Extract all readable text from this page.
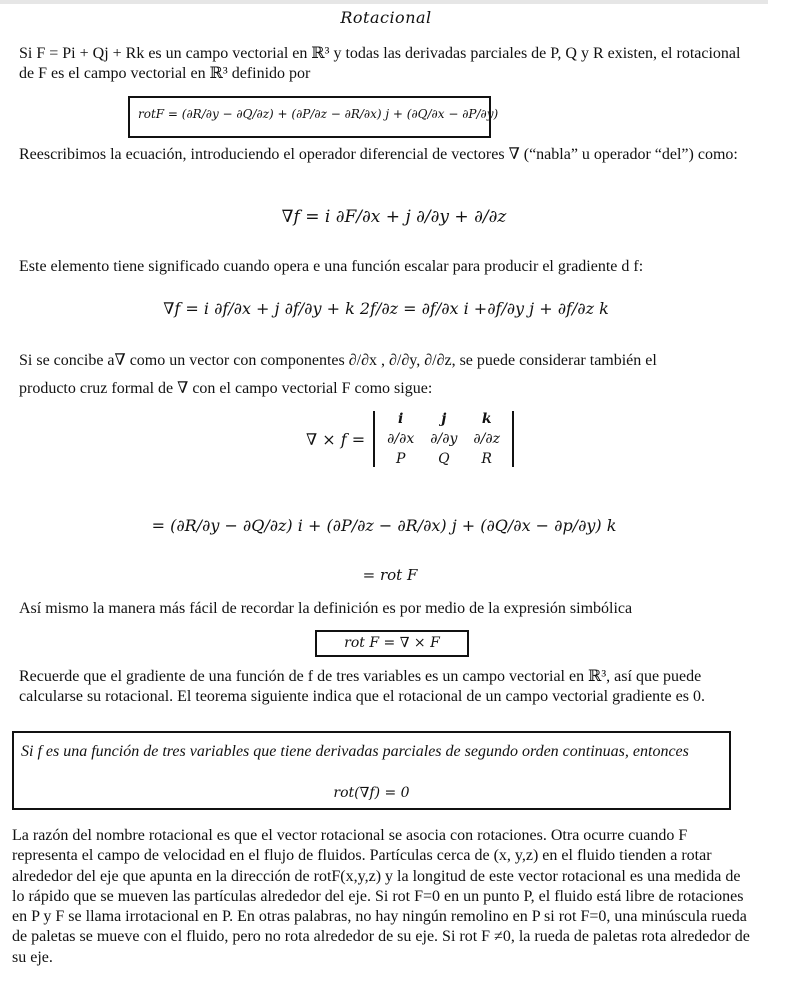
Rotacional

Si F = Pi + Qj + Rk es un campo vectorial en ℝ³ y todas las derivadas parciales de P, Q y R existen, el rotacional de F es el campo vectorial en ℝ³ definido por

rotF = (∂R/∂y − ∂Q/∂z) + (∂P/∂z − ∂R/∂x) j + (∂Q/∂x − ∂P/∂y)

Reescribimos la ecuación, introduciendo el operador diferencial de vectores ∇ (“nabla” u operador “del”) como:

∇f = i ∂F/∂x + j ∂/∂y + ∂/∂z

Este elemento tiene significado cuando opera e una función escalar para producir el gradiente d f:

∇f = i ∂f/∂x + j ∂f/∂y + k 2f/∂z = ∂f/∂x i +∂f/∂y j + ∂f/∂z k

Si se concibe a∇ como un vector con componentes ∂/∂x , ∂/∂y, ∂/∂z, se puede considerar también el

producto cruz formal de ∇ con el campo vectorial F como sigue:

∇ × f = i	j	k
∂/∂x	∂/∂y	∂/∂z
P	Q	R
= (∂R/∂y − ∂Q/∂z) i + (∂P/∂z − ∂R/∂x) j + (∂Q/∂x − ∂p/∂y) k
= rot F

Así mismo la manera más fácil de recordar la definición es por medio de la expresión simbólica

rot F = ∇ × F

Recuerde que el gradiente de una función de f de tres variables es un campo vectorial en ℝ³, así que puede calcularse su rotacional. El teorema siguiente indica que el rotacional de un campo vectorial gradiente es 0.

Si f es una función de tres variables que tiene derivadas parciales de segundo orden continuas, entonces
rot(∇f) = 0

La razón del nombre rotacional es que el vector rotacional se asocia con rotaciones. Otra ocurre cuando F representa el campo de velocidad en el flujo de fluidos. Partículas cerca de (x, y,z) en el fluido tienden a rotar alrededor del eje que apunta en la dirección de rotF(x,y,z) y la longitud de este vector rotacional es una medida de lo rápido que se mueven las partículas alrededor del eje. Si rot F=0 en un punto P, el fluido está libre de rotaciones en P y F se llama irrotacional en P. En otras palabras, no hay ningún remolino en P si rot F=0, una minúscula rueda de paletas se mueve con el fluido, pero no rota alrededor de su eje. Si rot F ≠0, la rueda de paletas rota alrededor de su eje.
